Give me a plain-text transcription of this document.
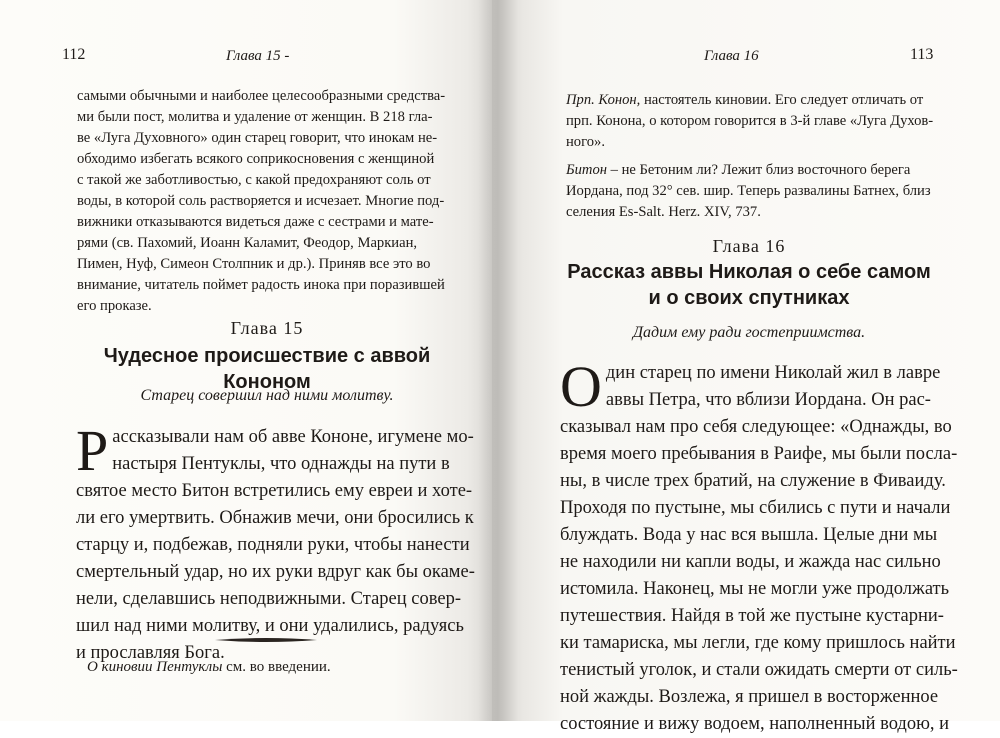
112	Глава 15 -
самыми обычными и наиболее целесообразными средства-
ми были пост, молитва и удаление от женщин. В 218 гла-
ве «Луга Духовного» один старец говорит, что инокам не-
обходимо избегать всякого соприкосновения с женщиной
с такой же заботливостью, с какой предохраняют соль от
воды, в которой соль растворяется и исчезает. Многие под-
вижники отказываются видеться даже с сестрами и мате-
рями (св. Пахомий, Иоанн Каламит, Феодор, Маркиан,
Пимен, Нуф, Симеон Столпник и др.). Приняв все это во
внимание, читатель поймет радость инока при поразившей
его проказе.
Глава 15
Чудесное происшествие с аввой Кононом
Старец совершил над ними молитву.
Р ассказывали нам об авве Кононе, игумене мо-
настыря Пентуклы, что однажды на пути в
святое место Битон встретились ему евреи и хоте-
ли его умертвить. Обнажив мечи, они бросились к
старцу и, подбежав, подняли руки, чтобы нанести
смертельный удар, но их руки вдруг как бы окаме-
нели, сделавшись неподвижными. Старец совер-
шил над ними молитву, и они удалились, радуясь
и прославляя Бога.
О киновии Пентуклы см. во введении.
Глава 16	113
Прп. Конон, настоятель киновии. Его следует отличать от
прп. Конона, о котором говорится в 3-й главе «Луга Духов-
ного».
Битон – не Бетоним ли? Лежит близ восточного берега
Иордана, под 32° сев. шир. Теперь развалины Батнех, близ
селения Es-Salt. Herz. XIV, 737.
Глава 16
Рассказ аввы Николая о себе самом
и о своих спутниках
Дадим ему ради гостеприимства.
О дин старец по имени Николай жил в лавре
аввы Петра, что вблизи Иордана. Он рас-
сказывал нам про себя следующее: «Однажды, во
время моего пребывания в Раифе, мы были посла-
ны, в числе трех братий, на служение в Фиваиду.
Проходя по пустыне, мы сбились с пути и начали
блуждать. Вода у нас вся вышла. Целые дни мы
не находили ни капли воды, и жажда нас сильно
истомила. Наконец, мы не могли уже продолжать
путешествия. Найдя в той же пустыне кустарни-
ки тамариска, мы легли, где кому пришлось найти
тенистый уголок, и стали ожидать смерти от силь-
ной жажды. Возлежа, я пришел в восторженное
состояние и вижу водоем, наполненный водою, и
